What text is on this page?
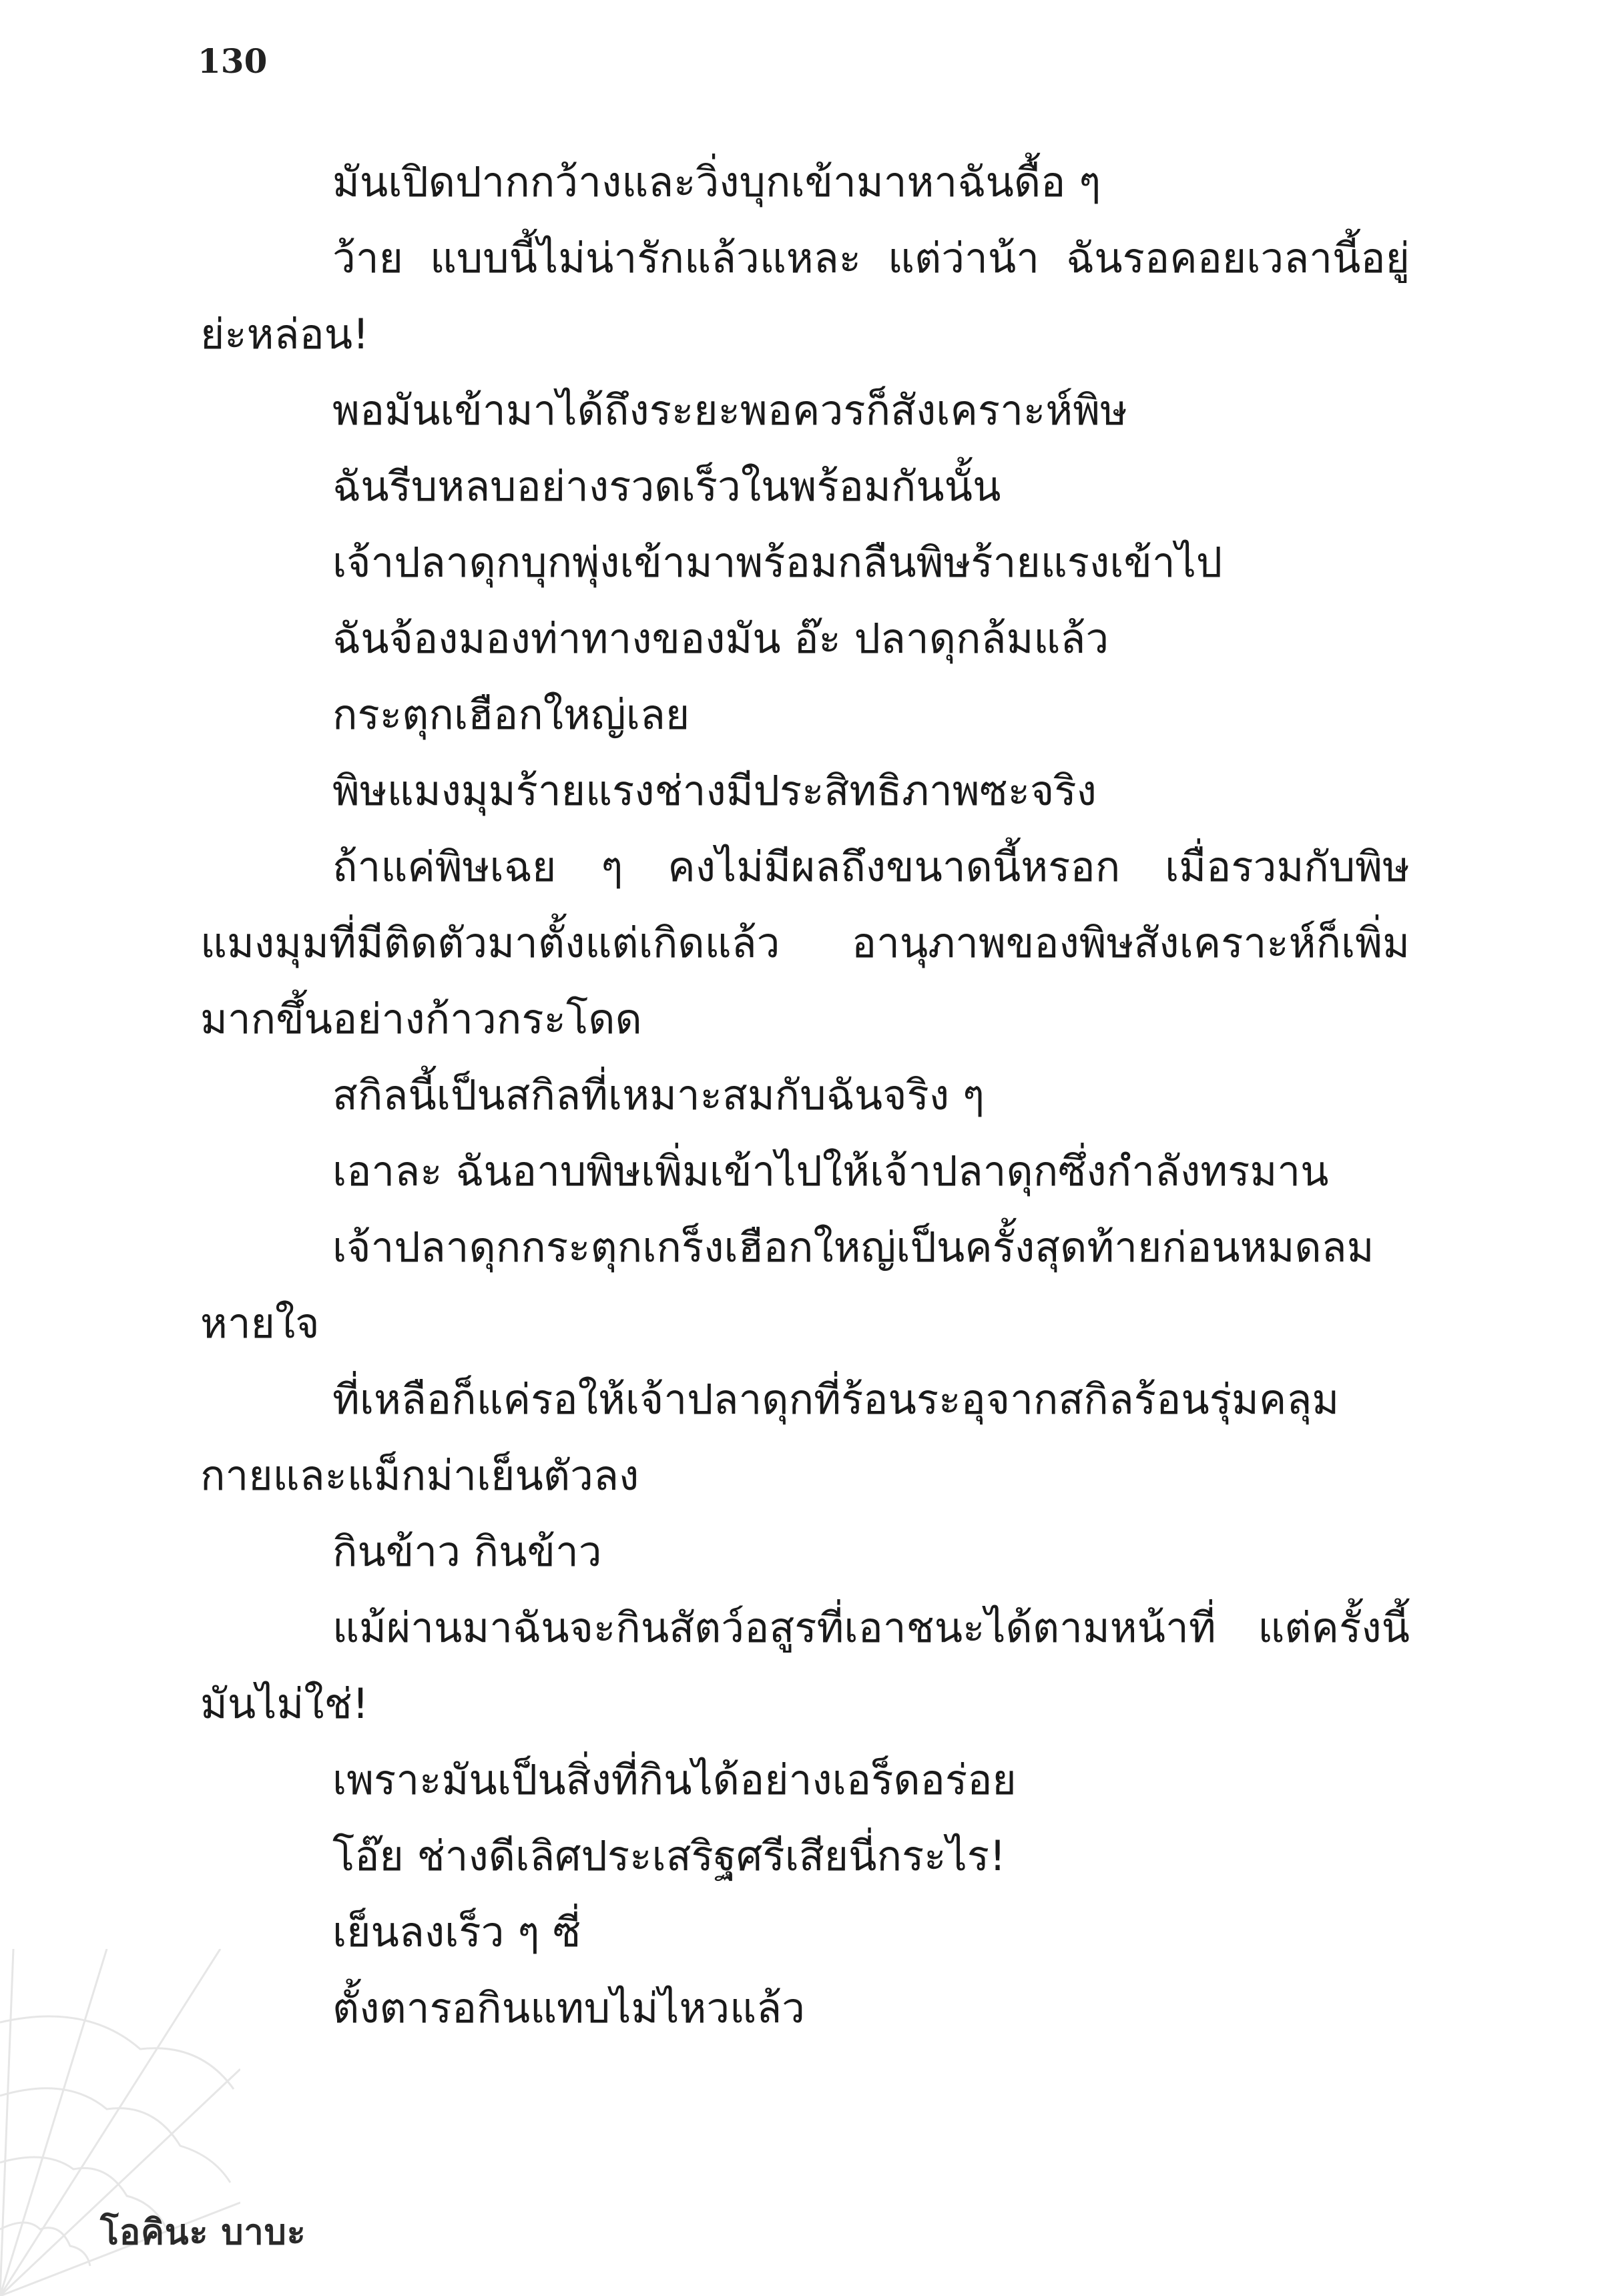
130

มันเปิดปากกว้างและวิ่งบุกเข้ามาหาฉันดื้อ ๆ

ว้าย แบบนี้ไม่น่ารักแล้วแหละ แต่ว่าน้า ฉันรอคอยเวลานี้อยู่ย่ะหล่อน!

พอมันเข้ามาได้ถึงระยะพอควรก็สังเคราะห์พิษ

ฉันรีบหลบอย่างรวดเร็วในพร้อมกันนั้น

เจ้าปลาดุกบุกพุ่งเข้ามาพร้อมกลืนพิษร้ายแรงเข้าไป

ฉันจ้องมองท่าทางของมัน อ๊ะ ปลาดุกล้มแล้ว

กระตุกเฮือกใหญ่เลย

พิษแมงมุมร้ายแรงช่างมีประสิทธิภาพซะจริง

ถ้าแค่พิษเฉย ๆ คงไม่มีผลถึงขนาดนี้หรอก เมื่อรวมกับพิษแมงมุมที่มีติดตัวมาตั้งแต่เกิดแล้ว อานุภาพของพิษสังเคราะห์ก็เพิ่มมากขึ้นอย่างก้าวกระโดด

สกิลนี้เป็นสกิลที่เหมาะสมกับฉันจริง ๆ

เอาละ ฉันอาบพิษเพิ่มเข้าไปให้เจ้าปลาดุกซึ่งกำลังทรมาน

เจ้าปลาดุกกระตุกเกร็งเฮือกใหญ่เป็นครั้งสุดท้ายก่อนหมดลมหายใจ

ที่เหลือก็แค่รอให้เจ้าปลาดุกที่ร้อนระอุจากสกิลร้อนรุ่มคลุมกายและแม็กม่าเย็นตัวลง

กินข้าว กินข้าว

แม้ผ่านมาฉันจะกินสัตว์อสูรที่เอาชนะได้ตามหน้าที่ แต่ครั้งนี้มันไม่ใช่!

เพราะมันเป็นสิ่งที่กินได้อย่างเอร็ดอร่อย

โอ๊ย ช่างดีเลิศประเสริฐศรีเสียนี่กระไร!

เย็นลงเร็ว ๆ ซี่

ตั้งตารอกินแทบไม่ไหวแล้ว

โอคินะ บาบะ
